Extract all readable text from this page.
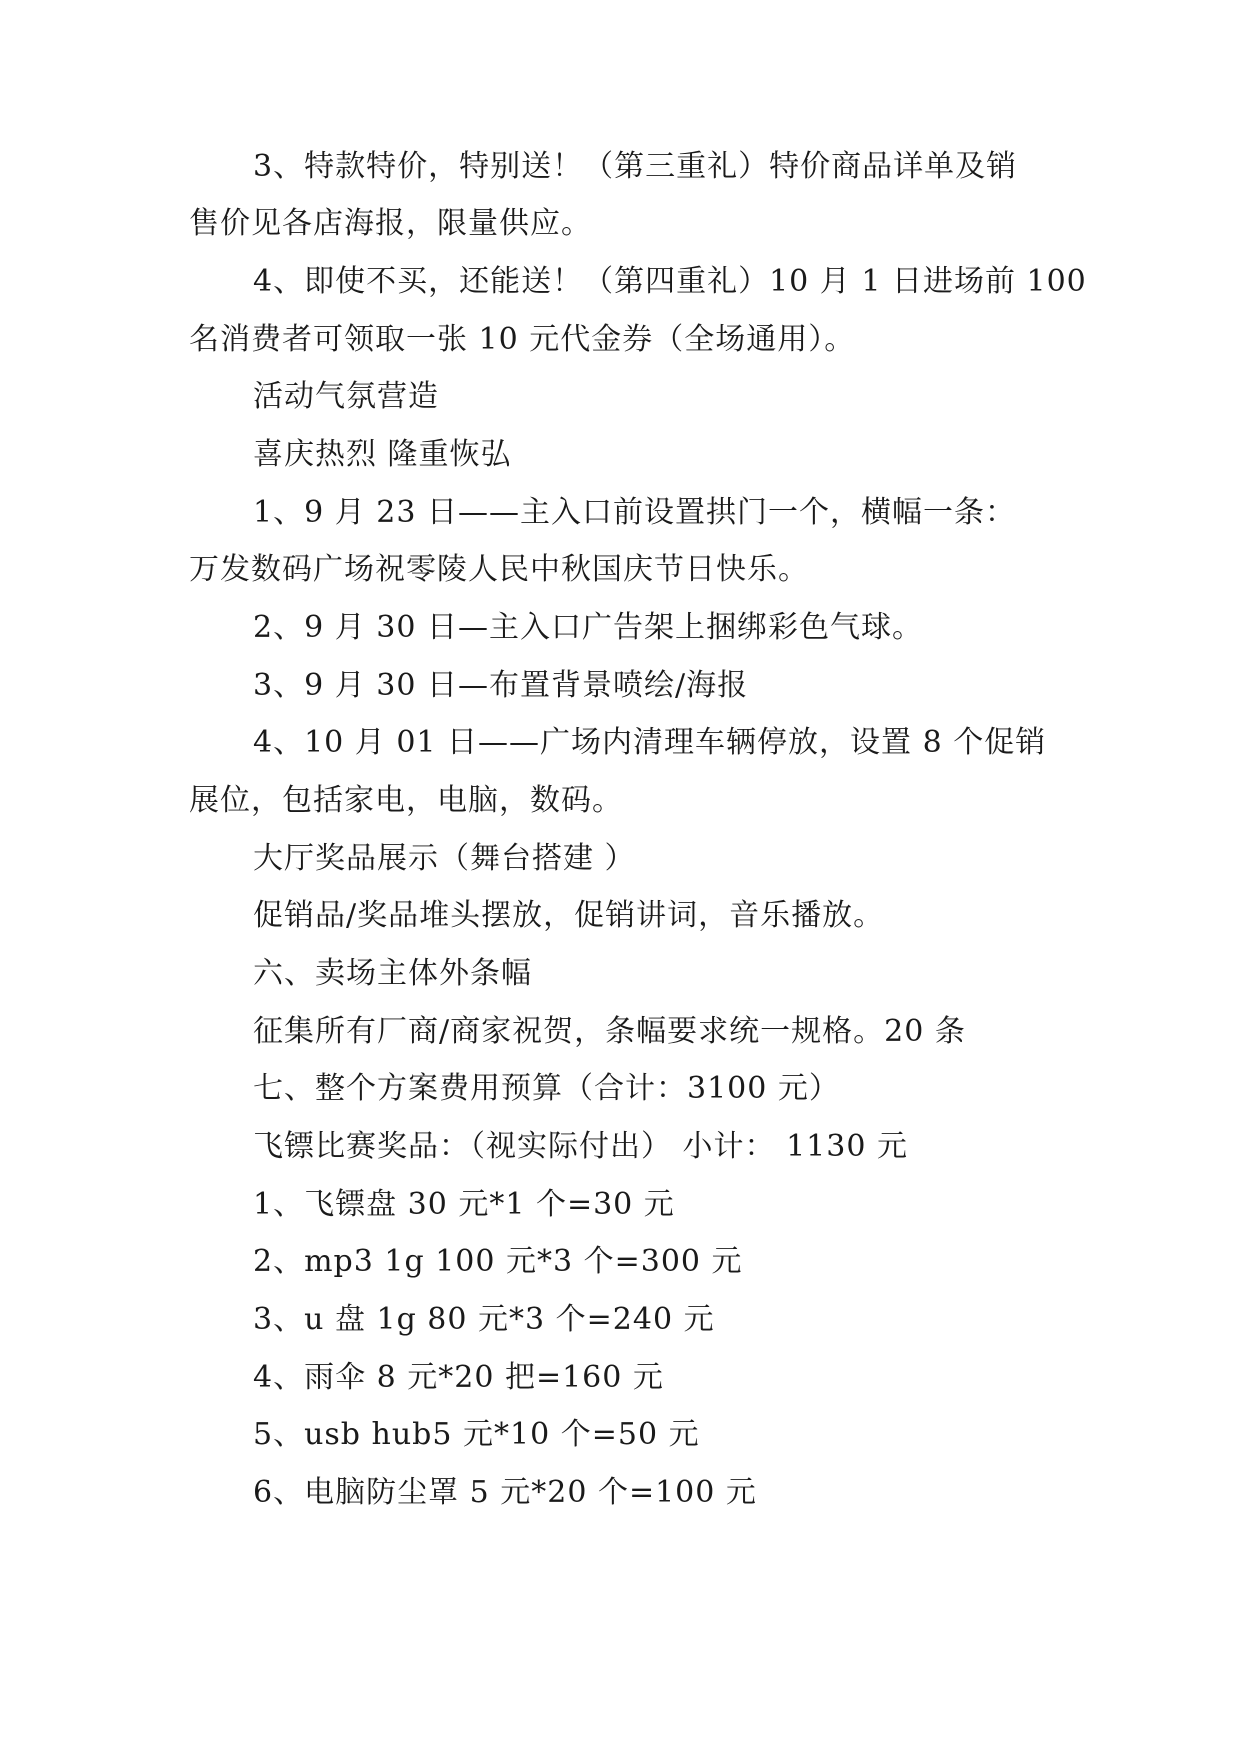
3、特款特价，特别送！（第三重礼）特价商品详单及销
售价见各店海报，限量供应。
4、即使不买，还能送！（第四重礼）10 月 1 日进场前 100
名消费者可领取一张 10 元代金券（全场通用）。
活动气氛营造
喜庆热烈 隆重恢弘
1、9 月 23 日——主入口前设置拱门一个，横幅一条：
万发数码广场祝零陵人民中秋国庆节日快乐。
2、9 月 30 日—主入口广告架上捆绑彩色气球。
3、9 月 30 日—布置背景喷绘/海报
4、10 月 01 日——广场内清理车辆停放，设置 8 个促销
展位，包括家电，电脑，数码。
大厅奖品展示（舞台搭建 ）
促销品/奖品堆头摆放，促销讲词，音乐播放。
六、卖场主体外条幅
征集所有厂商/商家祝贺，条幅要求统一规格。20 条
七、整个方案费用预算（合计：3100 元）
飞镖比赛奖品：（视实际付出） 小计： 1130 元
1、飞镖盘 30 元*1 个=30 元
2、mp3 1g 100 元*3 个=300 元
3、u 盘 1g 80 元*3 个=240 元
4、雨伞 8 元*20 把=160 元
5、usb hub5 元*10 个=50 元
6、电脑防尘罩 5 元*20 个=100 元
